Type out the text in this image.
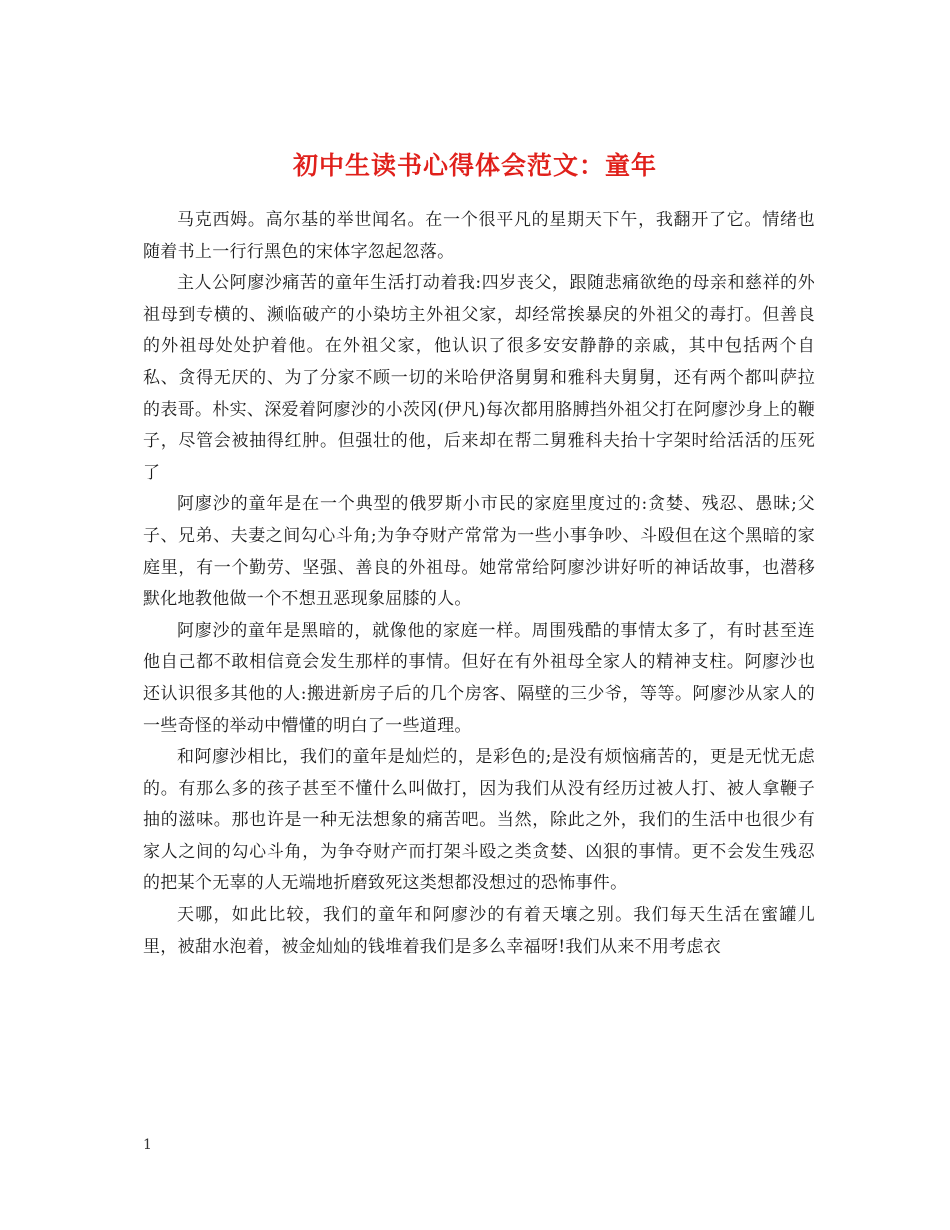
初中生读书心得体会范文：童年

马克西姆。高尔基的举世闻名。在一个很平凡的星期天下午，我翻开了它。情绪也随着书上一行行黑色的宋体字忽起忽落。

主人公阿廖沙痛苦的童年生活打动着我:四岁丧父，跟随悲痛欲绝的母亲和慈祥的外祖母到专横的、濒临破产的小染坊主外祖父家，却经常挨暴戾的外祖父的毒打。但善良的外祖母处处护着他。在外祖父家，他认识了很多安安静静的亲戚，其中包括两个自私、贪得无厌的、为了分家不顾一切的米哈伊洛舅舅和雅科夫舅舅，还有两个都叫萨拉的表哥。朴实、深爱着阿廖沙的小茨冈(伊凡)每次都用胳膊挡外祖父打在阿廖沙身上的鞭子，尽管会被抽得红肿。但强壮的他，后来却在帮二舅雅科夫抬十字架时给活活的压死了

阿廖沙的童年是在一个典型的俄罗斯小市民的家庭里度过的:贪婪、残忍、愚昧;父子、兄弟、夫妻之间勾心斗角;为争夺财产常常为一些小事争吵、斗殴但在这个黑暗的家庭里，有一个勤劳、坚强、善良的外祖母。她常常给阿廖沙讲好听的神话故事，也潜移默化地教他做一个不想丑恶现象屈膝的人。

阿廖沙的童年是黑暗的，就像他的家庭一样。周围残酷的事情太多了，有时甚至连他自己都不敢相信竟会发生那样的事情。但好在有外祖母全家人的精神支柱。阿廖沙也还认识很多其他的人:搬进新房子后的几个房客、隔壁的三少爷，等等。阿廖沙从家人的一些奇怪的举动中懵懂的明白了一些道理。

和阿廖沙相比，我们的童年是灿烂的，是彩色的;是没有烦恼痛苦的，更是无忧无虑的。有那么多的孩子甚至不懂什么叫做打，因为我们从没有经历过被人打、被人拿鞭子抽的滋味。那也许是一种无法想象的痛苦吧。当然，除此之外，我们的生活中也很少有家人之间的勾心斗角，为争夺财产而打架斗殴之类贪婪、凶狠的事情。更不会发生残忍的把某个无辜的人无端地折磨致死这类想都没想过的恐怖事件。

天哪，如此比较，我们的童年和阿廖沙的有着天壤之别。我们每天生活在蜜罐儿里，被甜水泡着，被金灿灿的钱堆着我们是多么幸福呀!我们从来不用考虑衣

1
